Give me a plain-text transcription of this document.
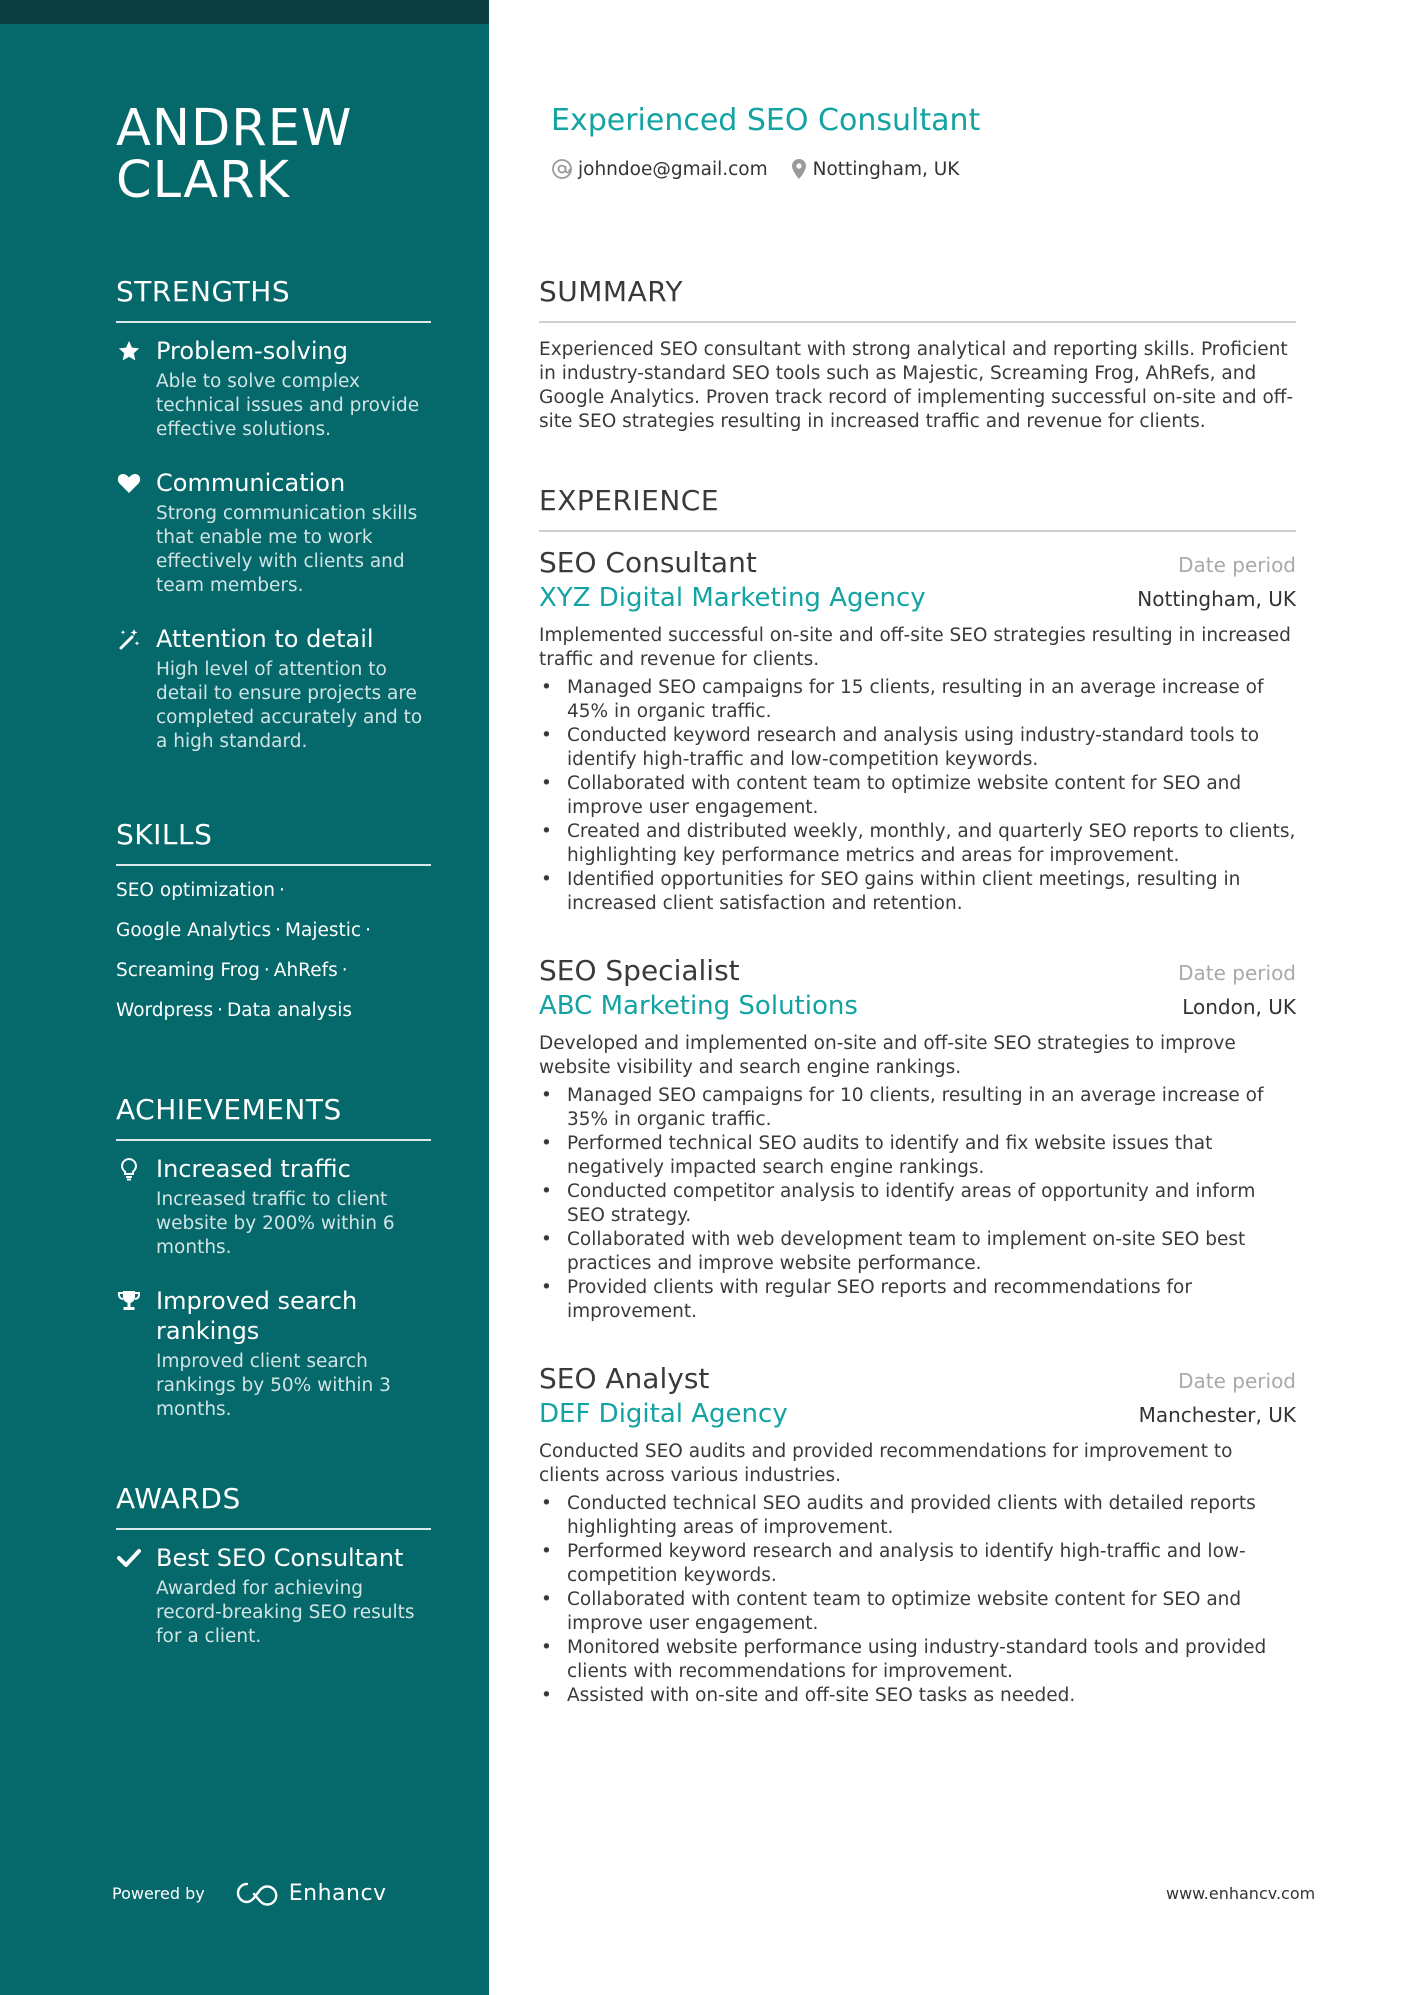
ANDREW
CLARK
STRENGTHS
Problem-solving
Able to solve complex technical issues and provide effective solutions.
Communication
Strong communication skills that enable me to work effectively with clients and team members.
Attention to detail
High level of attention to detail to ensure projects are completed accurately and to a high standard.
SKILLS
SEO optimization ·
Google Analytics · Majestic ·
Screaming Frog · AhRefs ·
Wordpress · Data analysis
ACHIEVEMENTS
Increased traffic
Increased traffic to client website by 200% within 6 months.
Improved search rankings
Improved client search rankings by 50% within 3 months.
AWARDS
Best SEO Consultant
Awarded for achieving record-breaking SEO results for a client.
Powered by	Enhancv
Experienced SEO Consultant
johndoe@gmail.com Nottingham, UK
SUMMARY
Experienced SEO consultant with strong analytical and reporting skills. Proficient in industry-standard SEO tools such as Majestic, Screaming Frog, AhRefs, and Google Analytics. Proven track record of implementing successful on-site and off-site SEO strategies resulting in increased traffic and revenue for clients.
EXPERIENCE
SEO Consultant	Date period
XYZ Digital Marketing Agency	Nottingham, UK
Implemented successful on-site and off-site SEO strategies resulting in increased traffic and revenue for clients.
• Managed SEO campaigns for 15 clients, resulting in an average increase of 45% in organic traffic.
• Conducted keyword research and analysis using industry-standard tools to identify high-traffic and low-competition keywords.
• Collaborated with content team to optimize website content for SEO and improve user engagement.
• Created and distributed weekly, monthly, and quarterly SEO reports to clients, highlighting key performance metrics and areas for improvement.
• Identified opportunities for SEO gains within client meetings, resulting in increased client satisfaction and retention.
SEO Specialist	Date period
ABC Marketing Solutions	London, UK
Developed and implemented on-site and off-site SEO strategies to improve website visibility and search engine rankings.
• Managed SEO campaigns for 10 clients, resulting in an average increase of 35% in organic traffic.
• Performed technical SEO audits to identify and fix website issues that negatively impacted search engine rankings.
• Conducted competitor analysis to identify areas of opportunity and inform SEO strategy.
• Collaborated with web development team to implement on-site SEO best practices and improve website performance.
• Provided clients with regular SEO reports and recommendations for improvement.
SEO Analyst	Date period
DEF Digital Agency	Manchester, UK
Conducted SEO audits and provided recommendations for improvement to clients across various industries.
• Conducted technical SEO audits and provided clients with detailed reports highlighting areas of improvement.
• Performed keyword research and analysis to identify high-traffic and low-competition keywords.
• Collaborated with content team to optimize website content for SEO and improve user engagement.
• Monitored website performance using industry-standard tools and provided clients with recommendations for improvement.
• Assisted with on-site and off-site SEO tasks as needed.
www.enhancv.com
